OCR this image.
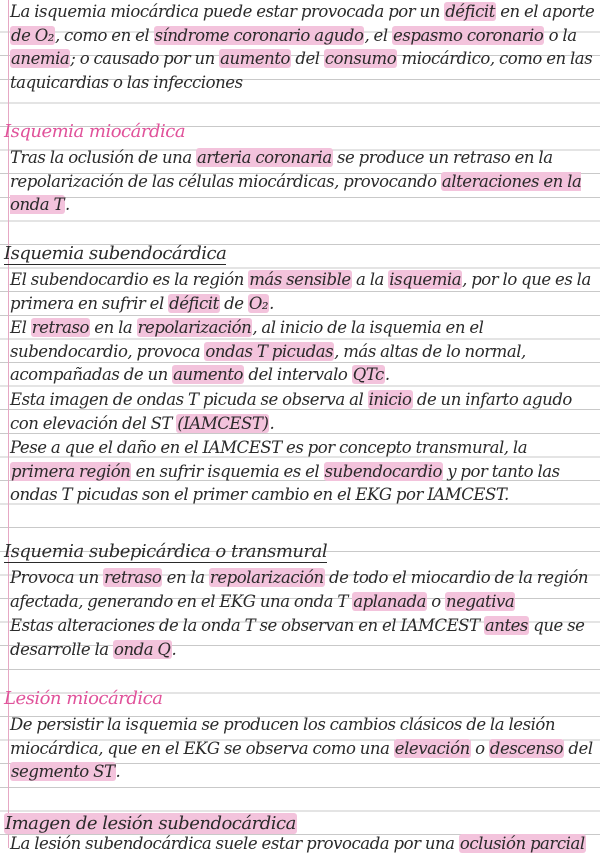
La isquemia miocárdica puede estar provocada por un déficit en el aporte de O₂, como en el síndrome coronario agudo, el espasmo coronario o la anemia; o causado por un aumento del consumo miocárdico, como en las taquicardias o las infecciones
Isquemia miocárdica
Tras la oclusión de una arteria coronaria se produce un retraso en la repolarización de las células miocárdicas, provocando alteraciones en la onda T.
Isquemia subendocárdica
El subendocardio es la región más sensible a la isquemia, por lo que es la primera en sufrir el déficit de O₂.
El retraso en la repolarización, al inicio de la isquemia en el subendocardio, provoca ondas T picudas, más altas de lo normal, acompañadas de un aumento del intervalo QTc.
Esta imagen de ondas T picuda se observa al inicio de un infarto agudo con elevación del ST (IAMCEST).
Pese a que el daño en el IAMCEST es por concepto transmural, la primera región en sufrir isquemia es el subendocardio y por tanto las ondas T picudas son el primer cambio en el EKG por IAMCEST.
Isquemia subepicárdica o transmural
Provoca un retraso en la repolarización de todo el miocardio de la región afectada, generando en el EKG una onda T aplanada o negativa
Estas alteraciones de la onda T se observan en el IAMCEST antes que se desarrolle la onda Q.
Lesión miocárdica
De persistir la isquemia se producen los cambios clásicos de la lesión miocárdica, que en el EKG se observa como una elevación o descenso del segmento ST.
Imagen de lesión subendocárdica
La lesión subendocárdica suele estar provocada por una oclusión parcial
